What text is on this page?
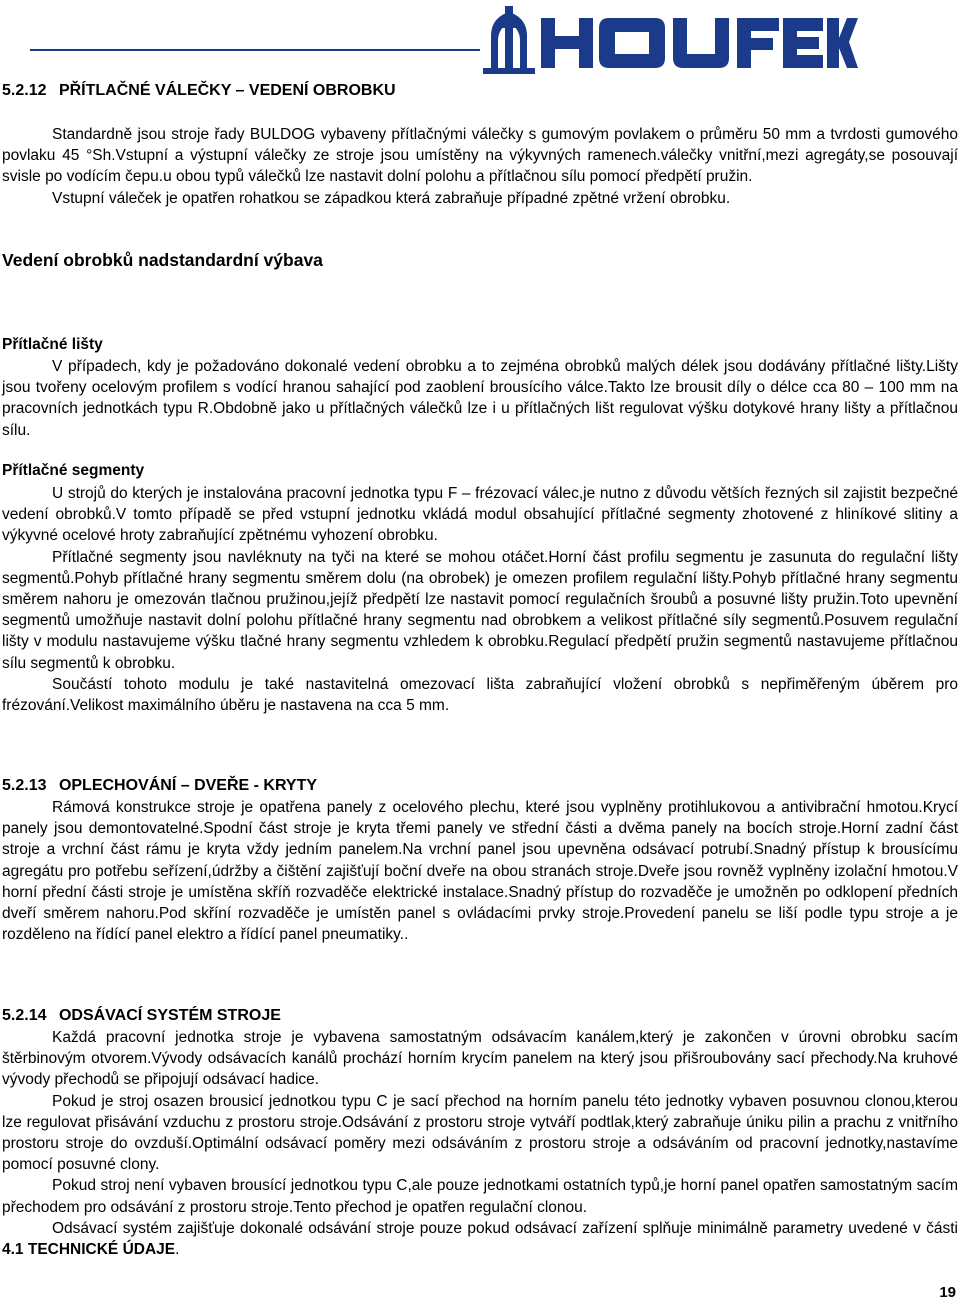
5.2.12 PŘÍTLAČNÉ VÁLEČKY – VEDENÍ OBROBKU

Standardně jsou stroje řady BULDOG vybaveny přítlačnými válečky s gumovým povlakem o průměru 50 mm a tvrdosti gumového povlaku 45 °Sh.Vstupní a výstupní válečky ze stroje jsou umístěny na výkyvných ramenech.válečky vnitřní,mezi agregáty,se posouvají svisle po vodícím čepu.u obou typů válečků lze nastavit dolní polohu a přítlačnou sílu pomocí předpětí pružin.

Vstupní váleček je opatřen rohatkou se západkou která zabraňuje případné zpětné vržení obrobku.

Vedení obrobků nadstandardní výbava
Přítlačné lišty

V případech, kdy je požadováno dokonalé vedení obrobku a to zejména obrobků malých délek jsou dodávány přítlačné lišty.Lišty jsou tvořeny ocelovým profilem s vodící hranou sahající pod zaoblení brousícího válce.Takto lze brousit díly o délce cca 80 – 100 mm na pracovních jednotkách typu R.Obdobně jako u přítlačných válečků lze i u přítlačných lišt regulovat výšku dotykové hrany lišty a přítlačnou sílu.

Přítlačné segmenty

U strojů do kterých je instalována pracovní jednotka typu F – frézovací válec,je nutno z důvodu větších řezných sil zajistit bezpečné vedení obrobků.V tomto případě se před vstupní jednotku vkládá modul obsahující přítlačné segmenty zhotovené z hliníkové slitiny a výkyvné ocelové hroty zabraňující zpětnému vyhození obrobku.

Přítlačné segmenty jsou navléknuty na tyči na které se mohou otáčet.Horní část profilu segmentu je zasunuta do regulační lišty segmentů.Pohyb přítlačné hrany segmentu směrem dolu (na obrobek) je omezen profilem regulační lišty.Pohyb přítlačné hrany segmentu směrem nahoru je omezován tlačnou pružinou,jejíž předpětí lze nastavit pomocí regulačních šroubů a posuvné lišty pružin.Toto upevnění segmentů umožňuje nastavit dolní polohu přítlačné hrany segmentu nad obrobkem a velikost přítlačné síly segmentů.Posuvem regulační lišty v modulu nastavujeme výšku tlačné hrany segmentu vzhledem k obrobku.Regulací předpětí pružin segmentů nastavujeme přítlačnou sílu segmentů k obrobku.

Součástí tohoto modulu je také nastavitelná omezovací lišta zabraňující vložení obrobků s nepřiměřeným úběrem pro frézování.Velikost maximálního úběru je nastavena na cca 5 mm.

5.2.13 OPLECHOVÁNÍ – DVEŘE - KRYTY

Rámová konstrukce stroje je opatřena panely z ocelového plechu, které jsou vyplněny protihlukovou a antivibrační hmotou.Krycí panely jsou demontovatelné.Spodní část stroje je kryta třemi panely ve střední části a dvěma panely na bocích stroje.Horní zadní část stroje a vrchní část rámu je kryta vždy jedním panelem.Na vrchní panel jsou upevněna odsávací potrubí.Snadný přístup k brousícímu agregátu pro potřebu seřízení,údržby a čištění zajišťují boční dveře na obou stranách stroje.Dveře jsou rovněž vyplněny izolační hmotou.V horní přední části stroje je umístěna skříň rozvaděče elektrické instalace.Snadný přístup do rozvaděče je umožněn po odklopení předních dveří směrem nahoru.Pod skříní rozvaděče je umístěn panel s ovládacími prvky stroje.Provedení panelu se liší podle typu stroje a je rozděleno na řídící panel elektro a řídící panel pneumatiky..

5.2.14 ODSÁVACÍ SYSTÉM STROJE

Každá pracovní jednotka stroje je vybavena samostatným odsávacím kanálem,který je zakončen v úrovni obrobku sacím štěrbinovým otvorem.Vývody odsávacích kanálů prochází horním krycím panelem na který jsou přišroubovány sací přechody.Na kruhové vývody přechodů se připojují odsávací hadice.

Pokud je stroj osazen brousicí jednotkou typu C je sací přechod na horním panelu této jednotky vybaven posuvnou clonou,kterou lze regulovat přisávání vzduchu z prostoru stroje.Odsávání z prostoru stroje vytváří podtlak,který zabraňuje úniku pilin a prachu z vnitřního prostoru stroje do ovzduší.Optimální odsávací poměry mezi odsáváním z prostoru stroje a odsáváním od pracovní jednotky,nastavíme pomocí posuvné clony.

Pokud stroj není vybaven brousící jednotkou typu C,ale pouze jednotkami ostatních typů,je horní panel opatřen samostatným sacím přechodem pro odsávání z prostoru stroje.Tento přechod je opatřen regulační clonou.

Odsávací systém zajišťuje dokonalé odsávání stroje pouze pokud odsávací zařízení splňuje minimálně parametry uvedené v části 4.1 TECHNICKÉ ÚDAJE.

19
